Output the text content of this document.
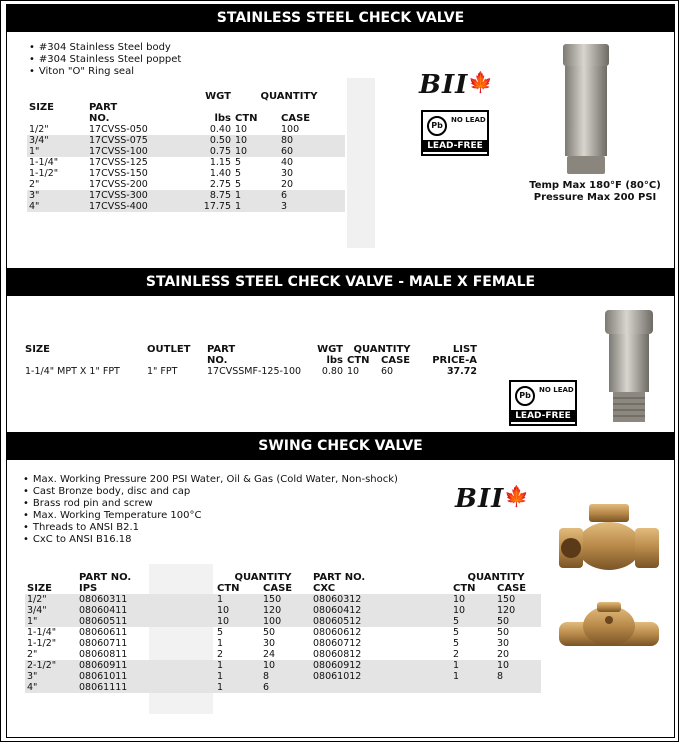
STAINLESS STEEL CHECK VALVE
• #304 Stainless Steel body
• #304 Stainless Steel poppet
• Viton "O" Ring seal
		WGT	QUANTITY	
SIZE	PART			
	NO.	lbs	CTN	CASE
1/2"	17CVSS-050	0.40	10	100
3/4"	17CVSS-075	0.50	10	80
1"	17CVSS-100	0.75	10	60
1-1/4"	17CVSS-125	1.15	5	40
1-1/2"	17CVSS-150	1.40	5	30
2"	17CVSS-200	2.75	5	20
3"	17CVSS-300	8.75	1	6
4"	17CVSS-400	17.75	1	3
BII🍁
Pb
NO LEAD
LEAD-FREE
Temp Max 180°F (80°C)
Pressure Max 200 PSI
STAINLESS STEEL CHECK VALVE - MALE X FEMALE
SIZE	OUTLET	PART	WGT	QUANTITY		LIST
		NO.	lbs	CTN	CASE	PRICE-A
1-1/4" MPT X 1" FPT	1" FPT	17CVSSMF-125-100	0.80	10	60	37.72
Pb
NO LEAD
LEAD-FREE
SWING CHECK VALVE
• Max. Working Pressure 200 PSI Water, Oil & Gas (Cold Water, Non-shock)
• Cast Bronze body, disc and cap
• Brass rod pin and screw
• Max. Working Temperature 100°C
• Threads to ANSI B2.1
• CxC to ANSI B16.18
BII🍁
	PART NO.		QUANTITY		PART NO.		QUANTITY	
SIZE	IPS		CTN	CASE	CXC		CTN	CASE
1/2"	08060311		1	150	08060312		10	150
3/4"	08060411		10	120	08060412		10	120
1"	08060511		10	100	08060512		5	50
1-1/4"	08060611		5	50	08060612		5	50
1-1/2"	08060711		1	30	08060712		5	30
2"	08060811		2	24	08060812		2	20
2-1/2"	08060911		1	10	08060912		1	10
3"	08061011		1	8	08061012		1	8
4"	08061111		1	6				
